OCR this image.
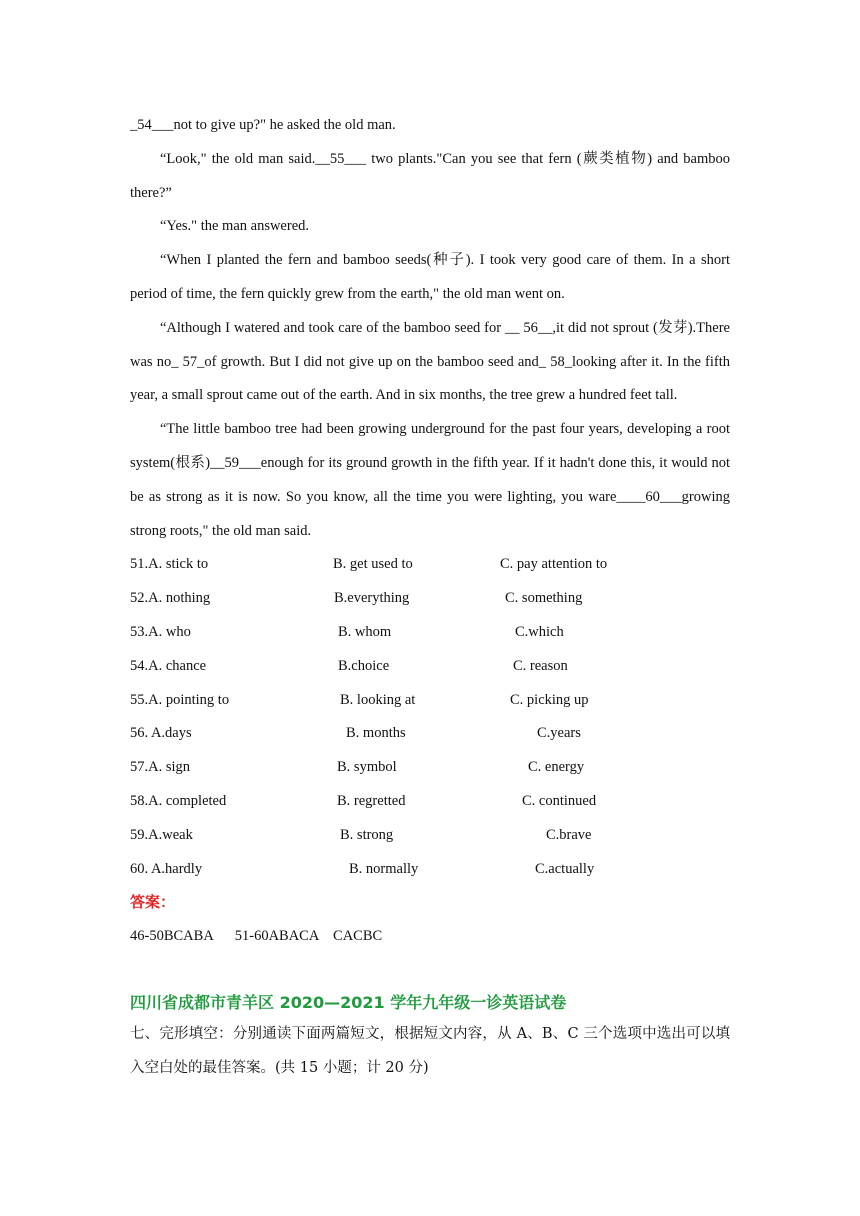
_54___not to give up?" he asked the old man.

“Look," the old man said.__55___ two plants."Can you see that fern (蕨类植物) and bamboo there?”

“Yes." the man answered.

“When I planted the fern and bamboo seeds(种子). I took very good care of them. In a short period of time, the fern quickly grew from the earth," the old man went on.

“Although I watered and took care of the bamboo seed for __ 56__,it did not sprout (发芽).There was no_ 57_of growth. But I did not give up on the bamboo seed and_ 58_looking after it. In the fifth year, a small sprout came out of the earth. And in six months, the tree grew a hundred feet tall.

“The little bamboo tree had been growing underground for the past four years, developing a root system(根系)__59___enough for its ground growth in the fifth year. If it hadn't done this, it would not be as strong as it is now. So you know, all the time you were lighting, you ware____60___growing strong roots," the old man said.

51.A. stick to	B. get used to	C. pay attention to
52.A. nothing	B.everything	C. something
53.A. who	B. whom	C.which
54.A. chance	B.choice	C. reason
55.A. pointing to	B. looking at	C. picking up
56. A.days	B. months	C.years
57.A. sign	B. symbol	C. energy
58.A. completed	B. regretted	C. continued
59.A.weak	B. strong	C.brave
60. A.hardly	B. normally	C.actually
答案：
46-50BCABA      51-60ABACA    CACBC
四川省成都市青羊区 2020—2021 学年九年级一诊英语试卷

七、完形填空：分别通读下面两篇短文，根据短文内容，从 A、B、C 三个选项中选出可以填入空白处的最佳答案。(共 15 小题；计 20 分)
